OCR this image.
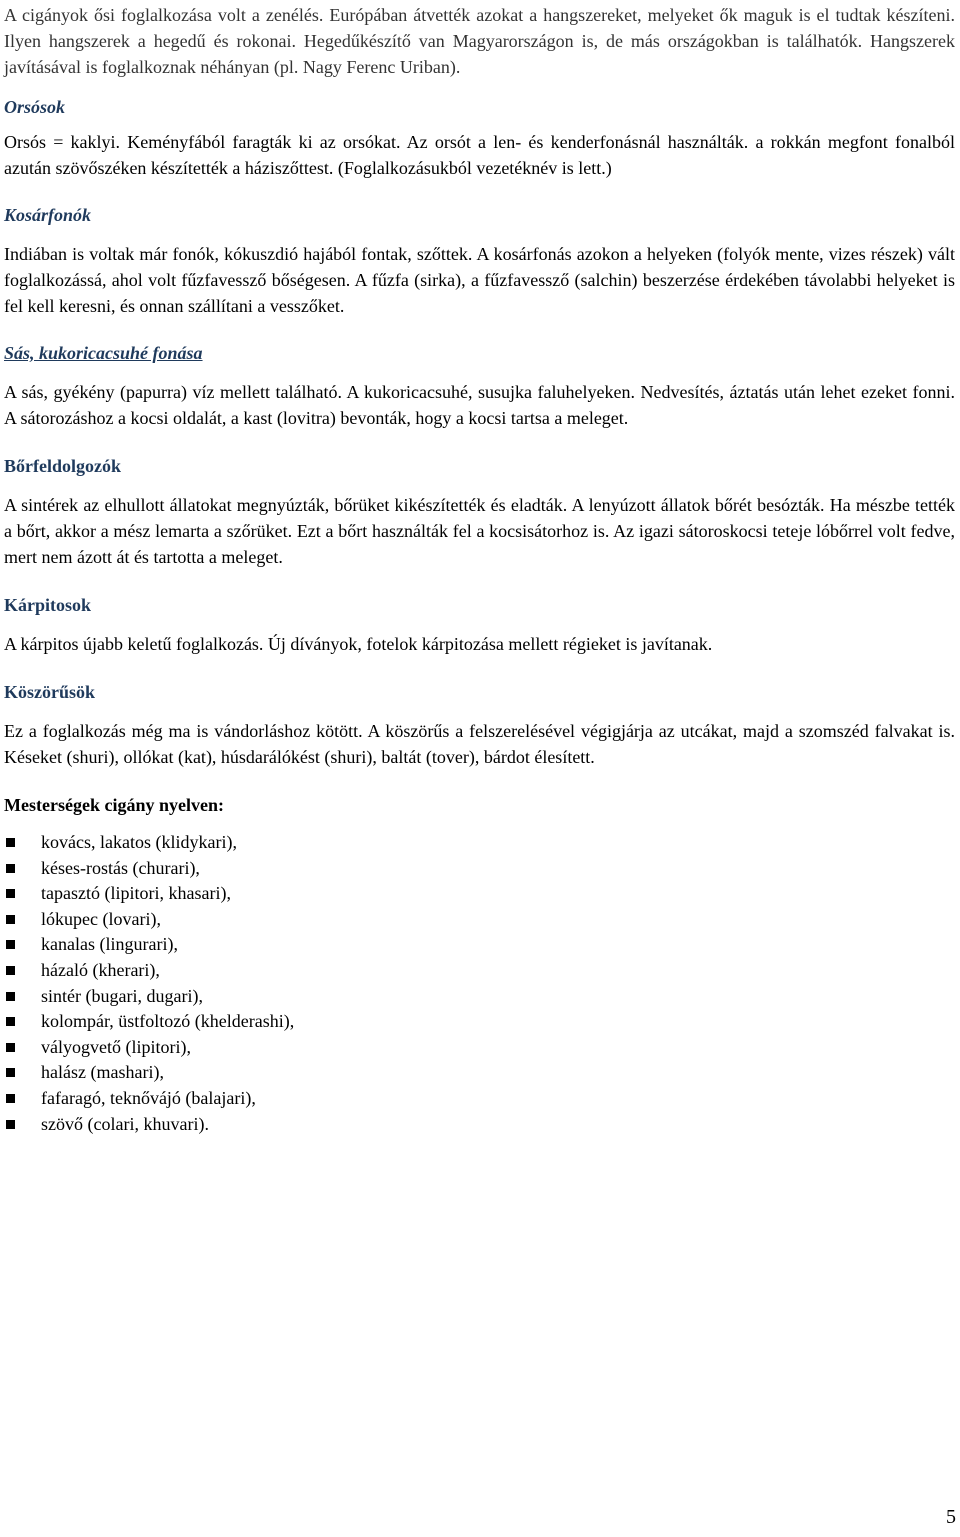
A cigányok ősi foglalkozása volt a zenélés. Európában átvették azokat a hangszereket, melyeket ők maguk is el tudtak készíteni. Ilyen hangszerek a hegedű és rokonai. Hegedűkészítő van Magyarországon is, de más országokban is találhatók. Hangszerek javításával is foglalkoznak néhányan (pl. Nagy Ferenc Uriban).

Orsósok

Orsós = kaklyi. Keményfából faragták ki az orsókat. Az orsót a len- és kenderfonásnál használták. a rokkán megfont fonalból azután szövőszéken készítették a háziszőttest. (Foglalkozásukból vezetéknév is lett.)

Kosárfonók

Indiában is voltak már fonók, kókuszdió hajából fontak, szőttek. A kosárfonás azokon a helyeken (folyók mente, vizes részek) vált foglalkozássá, ahol volt fűzfavessző bőségesen. A fűzfa (sirka), a fűzfavessző (salchin) beszerzése érdekében távolabbi helyeket is fel kell keresni, és onnan szállítani a vesszőket.

Sás, kukoricacsuhé fonása

A sás, gyékény (papurra) víz mellett található. A kukoricacsuhé, susujka faluhelyeken. Nedvesítés, áztatás után lehet ezeket fonni. A sátorozáshoz a kocsi oldalát, a kast (lovitra) bevonták, hogy a kocsi tartsa a meleget.

Bőrfeldolgozók

A sintérek az elhullott állatokat megnyúzták, bőrüket kikészítették és eladták. A lenyúzott állatok bőrét besózták. Ha mészbe tették a bőrt, akkor a mész lemarta a szőrüket. Ezt a bőrt használták fel a kocsisátorhoz is. Az igazi sátoroskocsi teteje lóbőrrel volt fedve, mert nem ázott át és tartotta a meleget.

Kárpitosok

A kárpitos újabb keletű foglalkozás. Új díványok, fotelok kárpitozása mellett régieket is javítanak.

Köszörűsök

Ez a foglalkozás még ma is vándorláshoz kötött. A köszörűs a felszerelésével végigjárja az utcákat, majd a szomszéd falvakat is. Késeket (shuri), ollókat (kat), húsdarálókést (shuri), baltát (tover), bárdot élesített.

Mesterségek cigány nyelven:
kovács, lakatos (klidykari),
késes-rostás (churari),
tapasztó (lipitori, khasari),
lókupec (lovari),
kanalas (lingurari),
házaló (kherari),
sintér (bugari, dugari),
kolompár, üstfoltozó (khelderashi),
vályogvető (lipitori),
halász (mashari),
fafaragó, teknővájó (balajari),
szövő (colari, khuvari).
5
